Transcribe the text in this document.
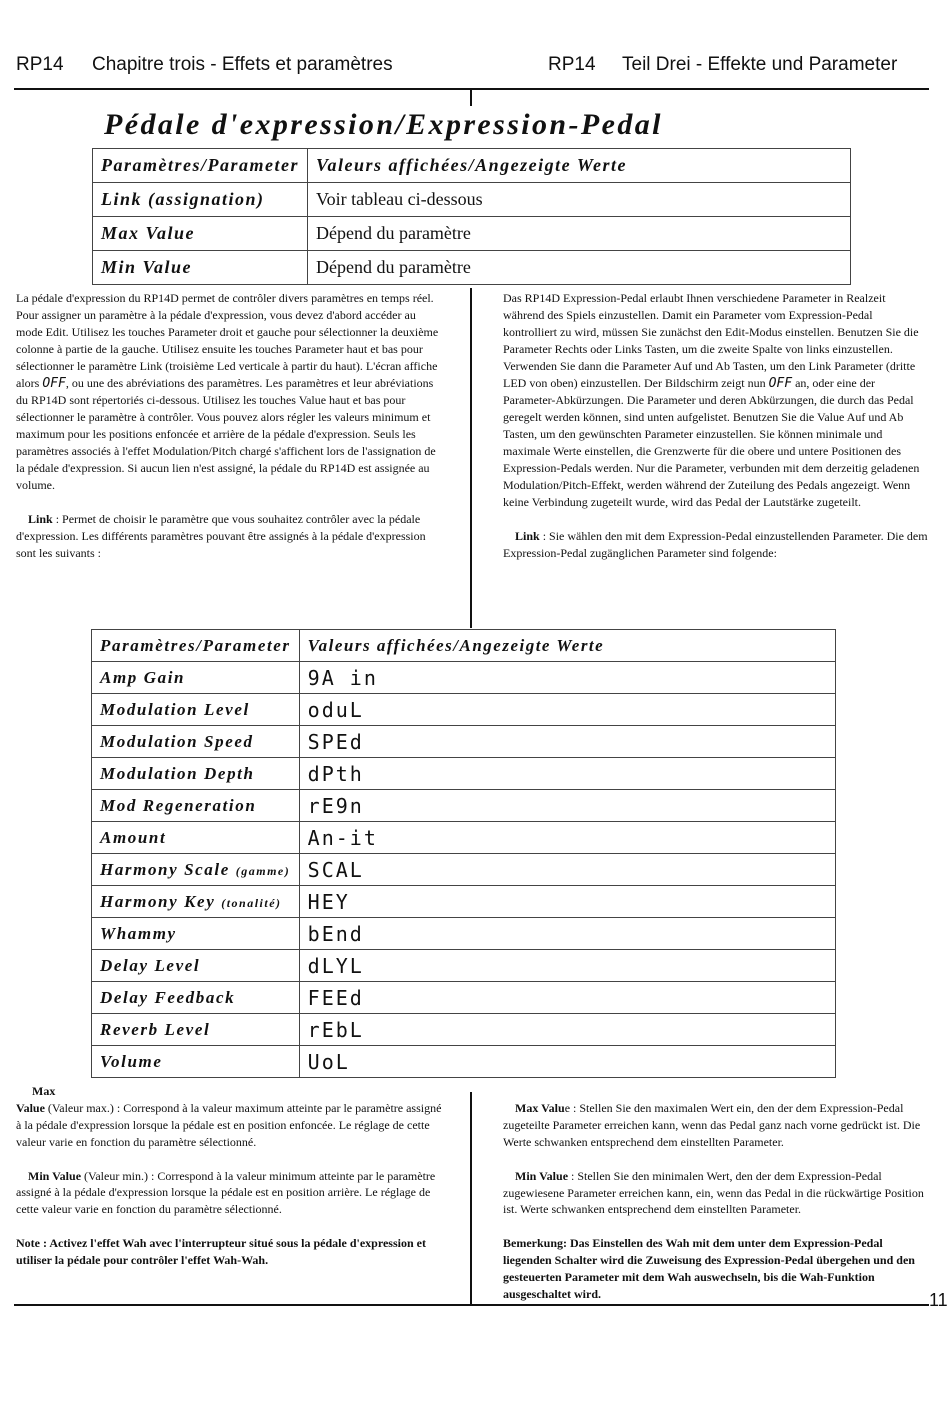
RP14 Chapitre trois - Effets et paramètres	RP14 Teil Drei - Effekte und Parameter
Pédale d'expression/Expression-Pedal
Paramètres/Parameter	Valeurs affichées/Angezeigte Werte
Link (assignation)	Voir tableau ci-dessous
Max Value	Dépend du paramètre
Min Value	Dépend du paramètre

La pédale d'expression du RP14D permet de contrôler divers paramètres en temps réel. Pour assigner un paramètre à la pédale d'expression, vous devez d'abord accéder au mode Edit. Utilisez les touches Parameter droit et gauche pour sélectionner la deuxième colonne à partie de la gauche. Utilisez ensuite les touches Parameter haut et bas pour sélectionner le paramètre Link (troisième Led verticale à partir du haut). L'écran affiche alors OFF, ou une des abréviations des paramètres. Les paramètres et leur abréviations du RP14D sont répertoriés ci-dessous. Utilisez les touches Value haut et bas pour sélectionner le paramètre à contrôler. Vous pouvez alors régler les valeurs minimum et maximum pour les positions enfoncée et arrière de la pédale d'expression. Seuls les paramètres associés à l'effet Modulation/Pitch chargé s'affichent lors de l'assignation de la pédale d'expression. Si aucun lien n'est assigné, la pédale du RP14D est assignée au volume.

Link : Permet de choisir le paramètre que vous souhaitez contrôler avec la pédale d'expression. Les différents paramètres pouvant être assignés à la pédale d'expression sont les suivants :

Das RP14D Expression-Pedal erlaubt Ihnen verschiedene Parameter in Realzeit während des Spiels einzustellen. Damit ein Parameter vom Expression-Pedal kontrolliert zu wird, müssen Sie zunächst den Edit-Modus einstellen. Benutzen Sie die Parameter Rechts oder Links Tasten, um die zweite Spalte von links einzustellen. Verwenden Sie dann die Parameter Auf und Ab Tasten, um den Link Parameter (dritte LED von oben) einzustellen. Der Bildschirm zeigt nun OFF an, oder eine der Parameter-Abkürzungen. Die Parameter und deren Abkürzungen, die durch das Pedal geregelt werden können, sind unten aufgelistet. Benutzen Sie die Value Auf und Ab Tasten, um den gewünschten Parameter einzustellen. Sie können minimale und maximale Werte einstellen, die Grenzwerte für die obere und untere Positionen des Expression-Pedals werden. Nur die Parameter, verbunden mit dem derzeitig geladenen Modulation/Pitch-Effekt, werden während der Zuteilung des Pedals angezeigt. Wenn keine Verbindung zugeteilt wurde, wird das Pedal der Lautstärke zugeteilt.

Link : Sie wählen den mit dem Expression-Pedal einzustellenden Parameter. Die dem Expression-Pedal zugänglichen Parameter sind folgende:

Paramètres/Parameter	Valeurs affichées/Angezeigte Werte
Amp Gain	9A in
Modulation Level	oduL
Modulation Speed	SPEd
Modulation Depth	dPth
Mod Regeneration	rE9n
Amount	An-it
Harmony Scale (gamme)	SCAL
Harmony Key (tonalité)	HEY
Whammy	bEnd
Delay Level	dLYL
Delay Feedback	FEEd
Reverb Level	rEbL
Volume	UoL
Max
Value (Valeur max.) : Correspond à la valeur maximum atteinte par le paramètre assigné à la pédale d'expression lorsque la pédale est en position enfoncée. Le réglage de cette valeur varie en fonction du paramètre sélectionné.

Min Value (Valeur min.) : Correspond à la valeur minimum atteinte par le paramètre assigné à la pédale d'expression lorsque la pédale est en position arrière. Le réglage de cette valeur varie en fonction du paramètre sélectionné.

Note : Activez l'effet Wah avec l'interrupteur situé sous la pédale d'expression et utiliser la pédale pour contrôler l'effet Wah-Wah.

Max Value : Stellen Sie den maximalen Wert ein, den der dem Expression-Pedal zugeteilte Parameter erreichen kann, wenn das Pedal ganz nach vorne gedrückt ist. Die Werte schwanken entsprechend dem einstellten Parameter.

Min Value : Stellen Sie den minimalen Wert, den der dem Expression-Pedal zugewiesene Parameter erreichen kann, ein, wenn das Pedal in die rückwärtige Position ist. Werte schwanken entsprechend dem einstellten Parameter.

Bemerkung: Das Einstellen des Wah mit dem unter dem Expression-Pedal liegenden Schalter wird die Zuweisung des Expression-Pedal übergehen und den gesteuerten Parameter mit dem Wah auswechseln, bis die Wah-Funktion ausgeschaltet wird.	11
